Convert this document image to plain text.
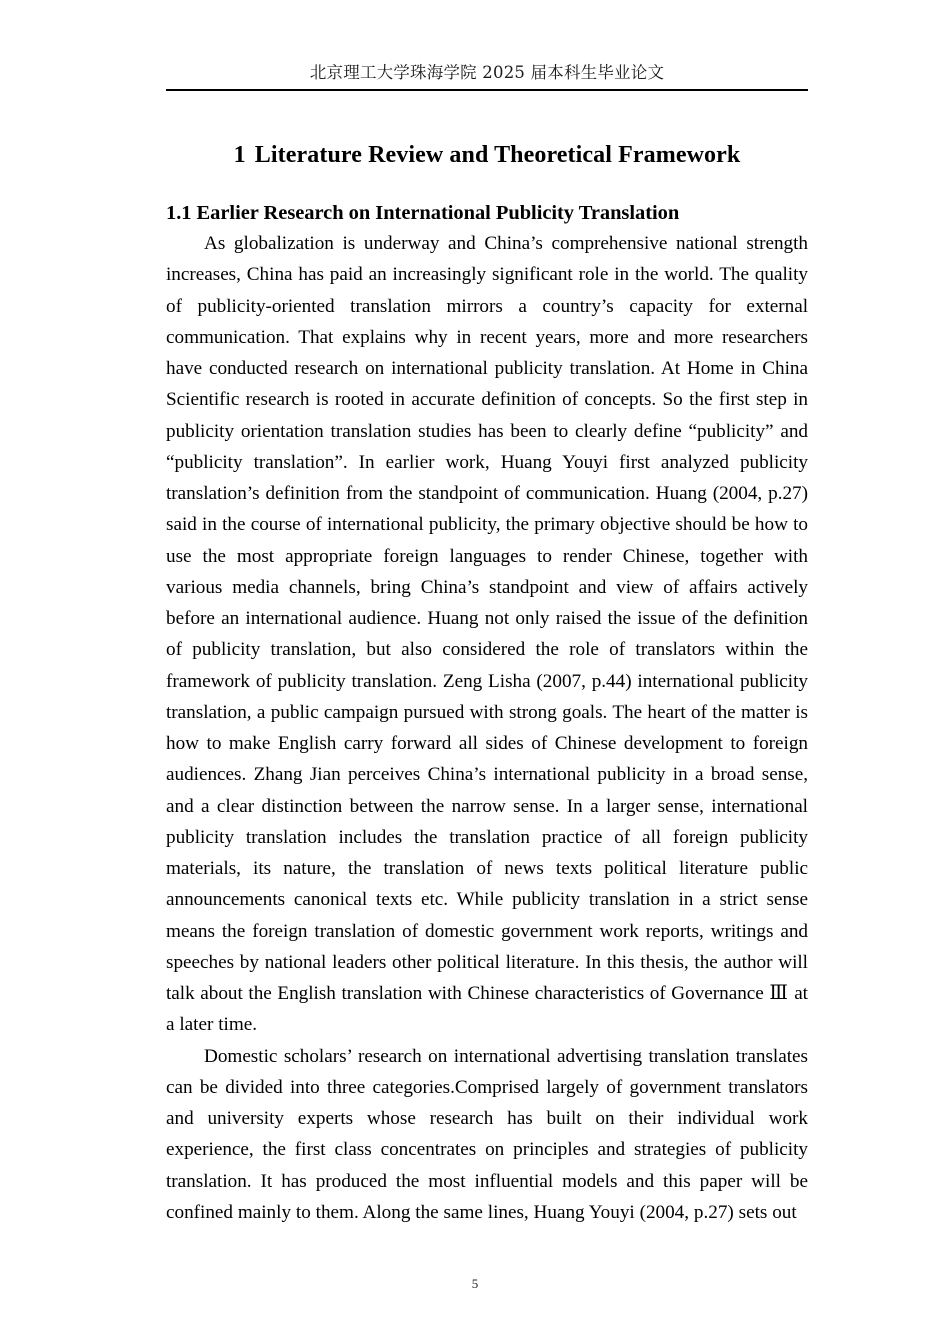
北京理工大学珠海学院 2025 届本科生毕业论文
1 Literature Review and Theoretical Framework
1.1 Earlier Research on International Publicity Translation

As globalization is underway and China’s comprehensive national strength increases, China has paid an increasingly significant role in the world. The quality of publicity-oriented translation mirrors a country’s capacity for external communication. That explains why in recent years, more and more researchers have conducted research on international publicity translation. At Home in China Scientific research is rooted in accurate definition of concepts. So the first step in publicity orientation translation studies has been to clearly define “publicity” and “publicity translation”. In earlier work, Huang Youyi first analyzed publicity translation’s definition from the standpoint of communication. Huang (2004, p.27) said in the course of international publicity, the primary objective should be how to use the most appropriate foreign languages to render Chinese, together with various media channels, bring China’s standpoint and view of affairs actively before an international audience. Huang not only raised the issue of the definition of publicity translation, but also considered the role of translators within the framework of publicity translation. Zeng Lisha (2007, p.44) international publicity translation, a public campaign pursued with strong goals. The heart of the matter is how to make English carry forward all sides of Chinese development to foreign audiences. Zhang Jian perceives China’s international publicity in a broad sense, and a clear distinction between the narrow sense. In a larger sense, international publicity translation includes the translation practice of all foreign publicity materials, its nature, the translation of news texts political literature public announcements canonical texts etc. While publicity translation in a strict sense means the foreign translation of domestic government work reports, writings and speeches by national leaders other political literature. In this thesis, the author will talk about the English translation with Chinese characteristics of Governance Ⅲ at a later time.

Domestic scholars’ research on international advertising translation translates can be divided into three categories.Comprised largely of government translators and university experts whose research has built on their individual work experience, the first class concentrates on principles and strategies of publicity translation. It has produced the most influential models and this paper will be confined mainly to them. Along the same lines, Huang Youyi (2004, p.27) sets out

5
